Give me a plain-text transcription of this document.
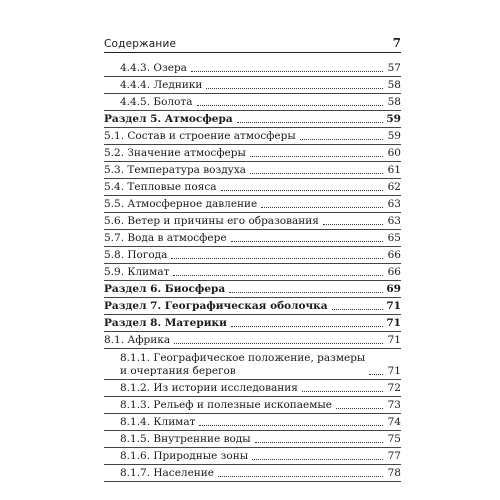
Содержание	7
4.4.3. Озера	57
4.4.4. Ледники	58
4.4.5. Болота	58
Раздел 5. Атмосфера	59
5.1. Состав и строение атмосферы	59
5.2. Значение атмосферы	60
5.3. Температура воздуха	61
5.4. Тепловые пояса	62
5.5. Атмосферное давление	63
5.6. Ветер и причины его образования	63
5.7. Вода в атмосфере	65
5.8. Погода	66
5.9. Климат	66
Раздел 6. Биосфера	69
Раздел 7. Географическая оболочка	71
Раздел 8. Материки	71
8.1. Африка	71
8.1.1. Географическое положение, размеры
и очертания берегов	71
8.1.2. Из истории исследования	72
8.1.3. Рельеф и полезные ископаемые	73
8.1.4. Климат	74
8.1.5. Внутренние воды	75
8.1.6. Природные зоны	77
8.1.7. Население	78
